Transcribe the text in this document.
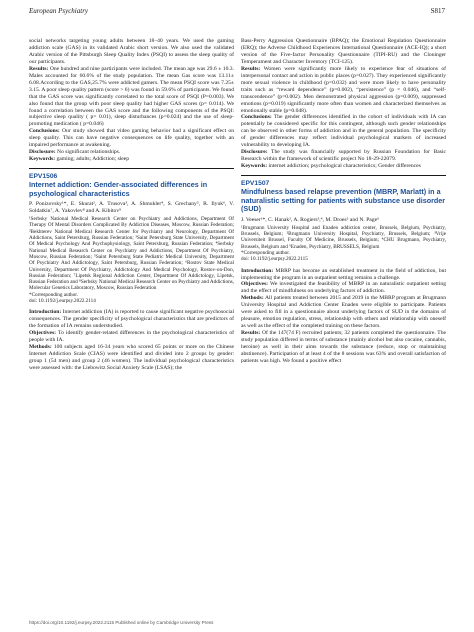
European Psychiatry	S817

social networks targeting young adults between 18–40 years. We used the gaming addiction scale (GAS) in its validated Arabic short version. We also used the validated Arabic version of the Pittsburgh Sleep Quality Index (PSQI) to assess the sleep quality of our participants.

Results: One hundred and nine participants were included. The mean age was 29.6 ± 10.3. Males accounted for 60.6% of the study population. The mean Gas score was 13.11± 6.08.According to the GAS,25.7% were addicted gamers. The mean PSQI score was 7.25± 3.15. A poor sleep quality pattern (score > 6) was found in 59.6% of participants. We found that the GAS score was significantly correlated to the total score of PSQI (P=0.003). We also found that the group with poor sleep quality had higher GAS scores (p= 0.014). We found a correlation between the GAS score and the following components of the PSQI: subjective sleep quality ( p= 0.01), sleep disturbances (p=0.024) and the use of sleep-promoting medication ( p=0.046)

Conclusions: Our study showed that video gaming behavior had a significant effect on sleep quality. This can have negative consequences on life quality, together with an impaired performance at awakening.

Disclosure: No significant relationships.

Keywords: gaming; adults; Addiction; sleep

EPV1506
Internet addiction: Gender-associated differences in psychological characteristics
P. Ponizovsky¹*, E. Skurat², A. Trusova³, A. Shmukler⁴, S. Grechany⁵, R. Ilyuk⁶, V. Soldatkin⁷, A. Yakovlev⁸ and A. Kibitov⁹
¹Serbsky National Medical Research Center on Psychiatry and Addictions, Department Of Therapy Of Mental Disorders Complicated By Addiction Diseases, Moscow, Russian Federation; ²Bekhterev National Medical Research Center for Psychiatry and Neurology, Department Of Addictions, Saint Petersburg, Russian Federation; ³Saint Petersburg State University, Department Of Medical Psychology And Psychophysiology, Saint Petersburg, Russian Federation; ⁴Serbsky National Medical Research Center on Psychiatry and Addictions, Department Of Psychiatry, Moscow, Russian Federation; ⁵Saint Petersburg State Pediatric Medical University, Department Of Psychiatry And Addictology, Saint Petersburg, Russian Federation; ⁶Rostov State Medical University, Department Of Psychiatry, Addictology And Medical Psychology, Rostov-on-Don, Russian Federation; ⁷Lipetsk Regional Addiction Center, Department Of Addictology, Lipetsk, Russian Federation and ⁸Serbsky National Medical Research Center on Psychiatry and Addictions, Molecular Genetics Laboratory, Moscow, Russian Federation
*Corresponding author.
doi: 10.1192/j.eurpsy.2022.2114

Introduction: Internet addiction (IA) is reported to cause significant negative psychosocial consequences. The gender specificity of psychological characteristics that are predictors of the formation of IA remains understudied.

Objectives: To identify gender-related differences in the psychological characteristics of people with IA.

Methods: 100 subjects aged 16-34 years who scored 65 points or more on the Chinese Internet Addiction Scale (CIAS) were identified and divided into 2 groups by gender: group 1 (54 men) and group 2 (46 women). The individual psychological characteristics were assessed with: the Liebowitz Social Anxiety Scale (LSAS); the

Bass-Perry Aggression Questionnaire (BPAQ); the Emotional Regulation Questionnaire (ERQ); the Adverse Childhood Experiences International Questionnaire (ACE-IQ); a short version of the Five-factor Personality Questionnaire (TIPI-RU) and the Cloninger Temperament and Character Inventory (TCI-125).

Results: Women were significantly more likely to experience fear of situations of interpersonal contact and action in public places (p=0.027). They experienced significantly more sexual violence in childhood (p=0.032) and were more likely to have personality traits such as “reward dependence” (p=0.002), “persistence” (p = 0.046), and “self-transcendence” (p=0.002). Men demonstrated physical aggression (p=0.009), suppressed emotions (p=0.019) significantly more often than women and characterized themselves as emotionally stable (p=0.048).

Conclusions: The gender differences identified in the cohort of individuals with IA can potentially be considered specific for this contingent, although such gender relationships can be observed in other forms of addiction and in the general population. The specificity of gender differences may reflect individual psychological markers of increased vulnerability to developing IA.

Disclosure: The study was financially supported by Russian Foundation for Basic Research within the framework of scientific project No 18-29-22079.

Keywords: internet addiction; psychological characteristics; Gender differences

EPV1507
Mindfulness based relapse prevention (MBRP, Marlatt) in a naturalistic setting for patients with substance use disorder (SUD)
J. Veeser¹*, C. Hanak², A. Rogiers³,⁴, M. Droes⁵ and N. Page⁶
¹Brugmann University Hospital and Enaden addiction center, Brussels, Belgium, Psychiatry, Brussels, Belgium; ²Brugmann University Hospital, Psychiatry, Brussels, Belgium; ³Vrije Universiteit Brussel, Faculty Of Medicine, Brussels, Belgium; ⁴CHU Brugmann, Psychiatry, Brussels, Belgium and ⁵Enaden, Psychiatry, BRUSSELS, Belgium
*Corresponding author.
doi: 10.1192/j.eurpsy.2022.2115

Introduction: MBRP has become an established treatment in the field of addiction, but implementing the program in an outpatient setting remains a challenge.

Objectives: We investigated the feasibility of MBRP in an naturalistic outpatient setting and the effect of mindfulness on underlying factors of addiction.

Methods: All patients treated between 2015 and 2019 in the MBRP program at Brugmann University Hospital and Addiction Center Enaden were eligible to participate. Patients were asked to fill in a questionnaire about underlying factors of SUD in the domains of pleasure, emotion regulation, stress, relationship with others and relationship with oneself as well as the effect of the completed training on these factors.

Results: Of the 147(74 F) recruited patients; 32 patients completed the questionnaire. The study population differed in terms of substance (mainly alcohol but also cocaine, cannabis, heroine) as well in their aims towards the substance (reduce, stop or maintaining abstinence). Participation of at least 4 of the 8 sessions was 63% and overall satisfaction of patients was high. We found a positive effect

https://doi.org/10.1192/j.eurpsy.2022.2115 Published online by Cambridge University Press
